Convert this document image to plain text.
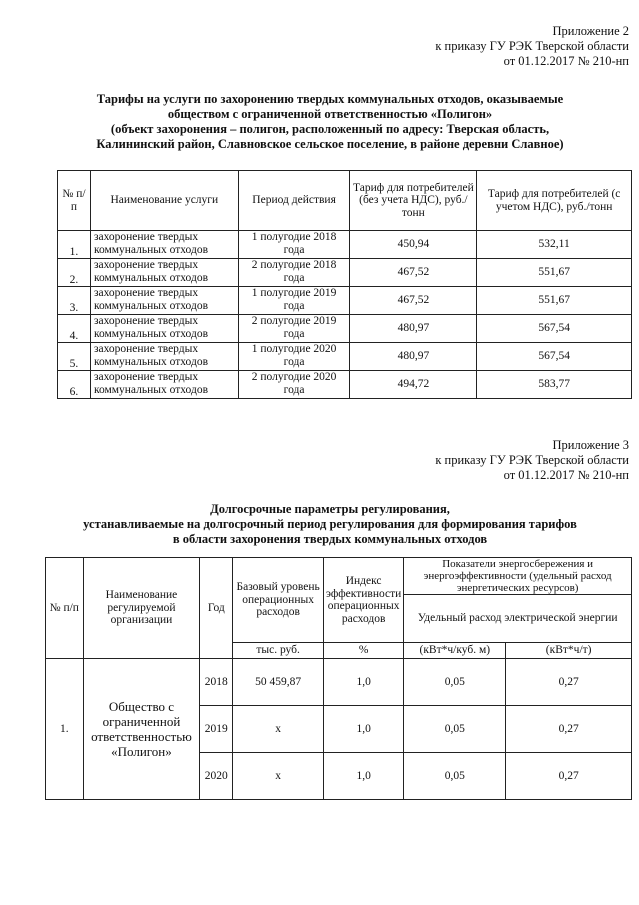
Приложение 2
к приказу ГУ РЭК Тверской области
от 01.12.2017 № 210-нп
Тарифы на услуги по захоронению твердых коммунальных отходов, оказываемые
обществом с ограниченной ответственностью «Полигон»
(объект захоронения – полигон, расположенный по адресу: Тверская область,
Калининский район, Славновское сельское поселение, в районе деревни Славное)
№ п/п	Наименование услуги	Период действия	Тариф для потребителей (без учета НДС), руб./тонн	Тариф для потребителей (с учетом НДС), руб./тонн
1.	захоронение твердых коммунальных отходов	1 полугодие 2018 года	450,94	532,11
2.	захоронение твердых коммунальных отходов	2 полугодие 2018 года	467,52	551,67
3.	захоронение твердых коммунальных отходов	1 полугодие 2019 года	467,52	551,67
4.	захоронение твердых коммунальных отходов	2 полугодие 2019 года	480,97	567,54
5.	захоронение твердых коммунальных отходов	1 полугодие 2020 года	480,97	567,54
6.	захоронение твердых коммунальных отходов	2 полугодие 2020 года	494,72	583,77
Приложение 3
к приказу ГУ РЭК Тверской области
от 01.12.2017 № 210-нп
Долгосрочные параметры регулирования,
устанавливаемые на долгосрочный период регулирования для формирования тарифов
в области захоронения твердых коммунальных отходов
№ п/п	Наименование регулируемой организации	Год	Базовый уровень операционных расходов	Индекс эффективности операционных расходов	Показатели энергосбережения и энергоэффективности (удельный расход энергетических ресурсов)	
					Удельный расход электрической энергии	
			тыс. руб.	%	(кВт*ч/куб. м)	(кВт*ч/т)
1.	Общество с ограниченной ответственностью «Полигон»	2018	50 459,87	1,0	0,05	0,27
		2019	х	1,0	0,05	0,27
		2020	х	1,0	0,05	0,27
